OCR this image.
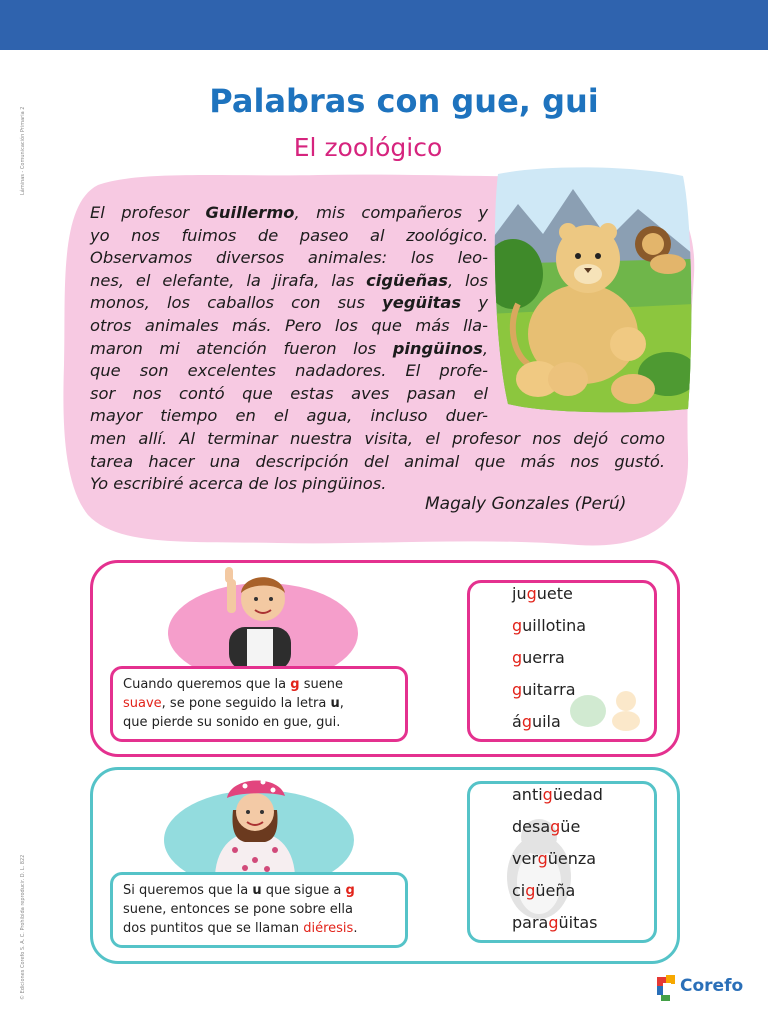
Láminas - Comunicación Primaria 2
© Ediciones Corefo S. A. C. Prohibida reproducir. D. L. 822
Palabras con gue, gui
El zoológico
El profesor Guillermo, mis compañeros y
yo nos fuimos de paseo al zoológico.
Observamos diversos animales: los leo-
nes, el elefante, la jirafa, las cigüeñas, los
monos, los caballos con sus yegüitas y
otros animales más. Pero los que más lla-
maron mi atención fueron los pingüinos,
que son excelentes nadadores. El profe-
sor nos contó que estas aves pasan el
mayor tiempo en el agua, incluso duer-
men allí. Al terminar nuestra visita, el profesor nos dejó como
tarea hacer una descripción del animal que más nos gustó.
Yo escribiré acerca de los pingüinos.
Magaly Gonzales (Perú)
Cuando queremos que la g suene
suave, se pone seguido la letra u,
que pierde su sonido en gue, gui.
juguete
guillotina
guerra
guitarra
águila
Si queremos que la u que sigue a g
suene, entonces se pone sobre ella
dos puntitos que se llaman diéresis.
antigüedad
desagüe
vergüenza
cigüeña
paragüitas
Corefo
